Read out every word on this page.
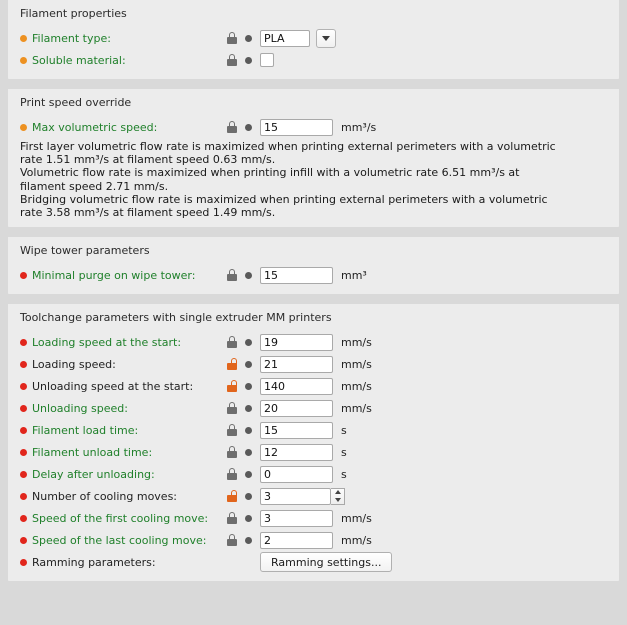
Filament properties
Filament type:
PLA
Soluble material:
Print speed override
Max volumetric speed:
15	mm³/s

First layer volumetric flow rate is maximized when printing external perimeters with a volumetric rate 1.51 mm³/s at filament speed 0.63 mm/s.

Volumetric flow rate is maximized when printing infill with a volumetric rate 6.51 mm³/s at filament speed 2.71 mm/s.

Bridging volumetric flow rate is maximized when printing external perimeters with a volumetric rate 3.58 mm³/s at filament speed 1.49 mm/s.

Wipe tower parameters
Minimal purge on wipe tower:
15	mm³
Toolchange parameters with single extruder MM printers
Loading speed at the start:
19	mm/s
Loading speed:
21	mm/s
Unloading speed at the start:
140	mm/s
Unloading speed:
20	mm/s
Filament load time:
15	s
Filament unload time:
12	s
Delay after unloading:
0	s
Number of cooling moves:
3
Speed of the first cooling move:
3	mm/s
Speed of the last cooling move:
2	mm/s
Ramming parameters:	Ramming settings...
